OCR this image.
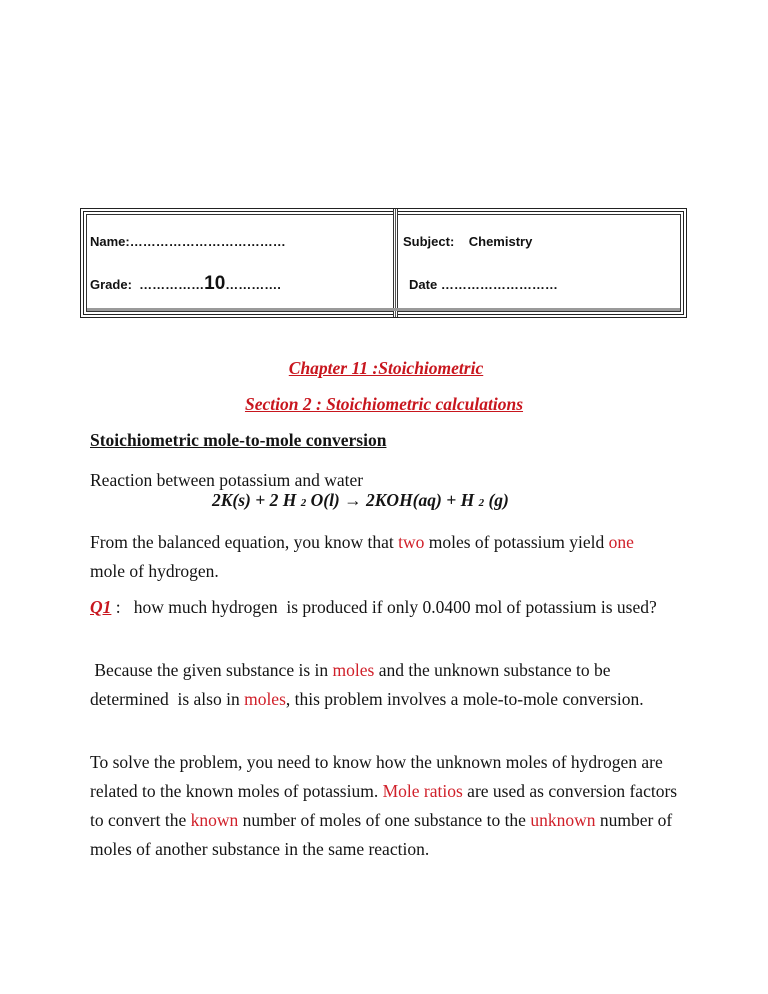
Name:………………………………
Grade: ……………10………….
Subject: Chemistry
Date ………………………
Chapter 11 :Stoichiometric
Section 2 : Stoichiometric calculations
Stoichiometric mole-to-mole conversion
Reaction between potassium and water
2K(s) + 2 H 2 O(l) → 2KOH(aq) + H 2 (g)

From the balanced equation, you know that two moles of potassium yield one mole of hydrogen.

Q1 :   how much hydrogen  is produced if only 0.0400 mol of potassium is used?

Because the given substance is in moles and the unknown substance to be determined  is also in moles, this problem involves a mole-to-mole conversion.

To solve the problem, you need to know how the unknown moles of hydrogen are related to the known moles of potassium. Mole ratios are used as conversion factors to convert the known number of moles of one substance to the unknown number of moles of another substance in the same reaction.
